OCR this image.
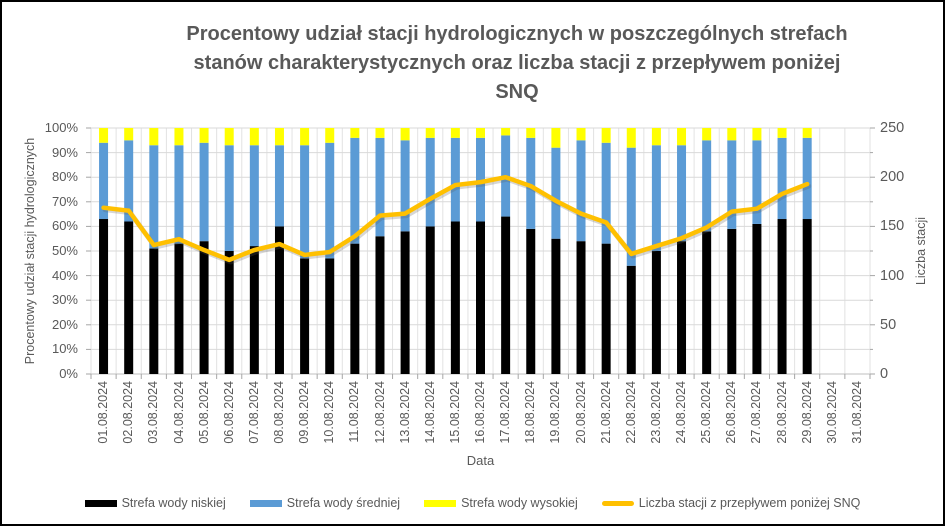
Procentowy udział stacji hydrologicznych w poszczególnych strefach
stanów charakterystycznych oraz liczba stacji z przepływem poniżej
SNQ
Procentowy udział stacji hydrologicznych	Liczba stacji
100%
90%
80%
70%
60%
50%
40%
30%
20%
10%
0%
250
200
150
100
50
0
01.08.2024 02.08.2024 03.08.2024 04.08.2024 05.08.2024 06.08.2024 07.08.2024 08.08.2024 09.08.2024 10.08.2024 11.08.2024 12.08.2024 13.08.2024 14.08.2024 15.08.2024 16.08.2024 17.08.2024 18.08.2024 19.08.2024 20.08.2024 21.08.2024 22.08.2024 23.08.2024 24.08.2024 25.08.2024 26.08.2024 27.08.2024 28.08.2024 29.08.2024 30.08.2024 31.08.2024
Data
Strefa wody niskiej	Strefa wody średniej	Strefa wody wysokiej	Liczba stacji z przepływem poniżej SNQ
